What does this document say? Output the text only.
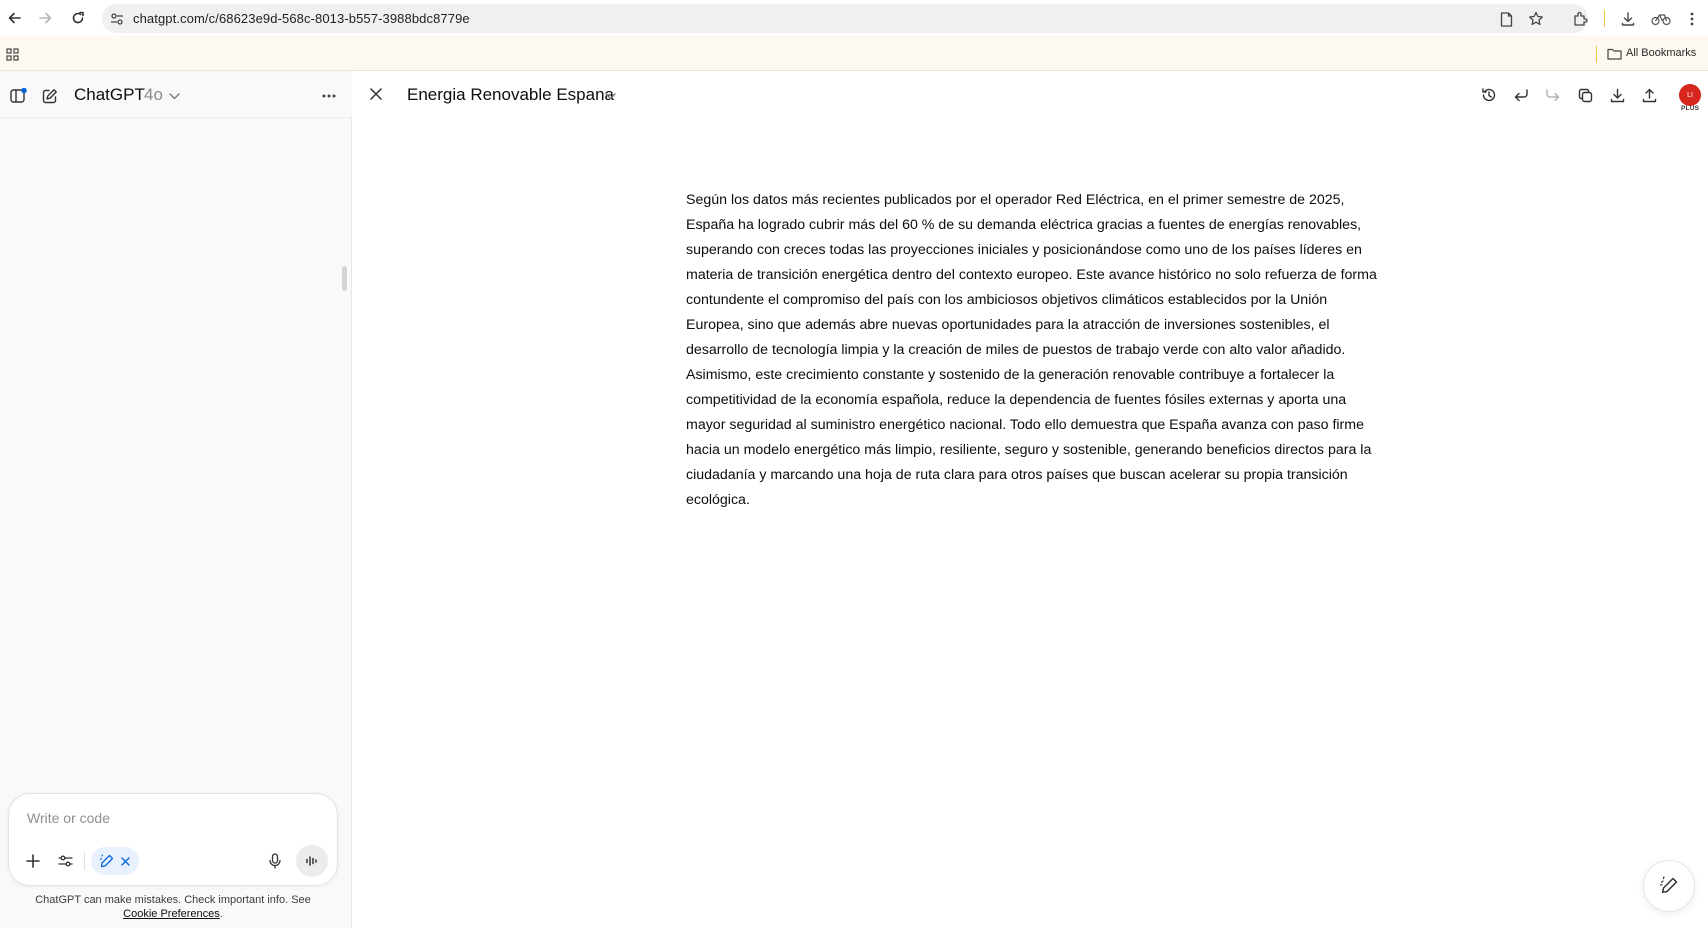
chatgpt.com/c/68623e9d-568c-8013-b557-3988bdc8779e
All Bookmarks
ChatGPT 4o
Write or code
ChatGPT can make mistakes. Check important info. See Cookie Preferences.
Energia Renovable Espana	LI
PLUS
Según los datos más recientes publicados por el operador Red Eléctrica, en el primer semestre de 2025, España ha logrado cubrir más del 60 % de su demanda eléctrica gracias a fuentes de energías renovables, superando con creces todas las proyecciones iniciales y posicionándose como uno de los países líderes en materia de transición energética dentro del contexto europeo. Este avance histórico no solo refuerza de forma contundente el compromiso del país con los ambiciosos objetivos climáticos establecidos por la Unión Europea, sino que además abre nuevas oportunidades para la atracción de inversiones sostenibles, el desarrollo de tecnología limpia y la creación de miles de puestos de trabajo verde con alto valor añadido. Asimismo, este crecimiento constante y sostenido de la generación renovable contribuye a fortalecer la competitividad de la economía española, reduce la dependencia de fuentes fósiles externas y aporta una mayor seguridad al suministro energético nacional. Todo ello demuestra que España avanza con paso firme hacia un modelo energético más limpio, resiliente, seguro y sostenible, generando beneficios directos para la ciudadanía y marcando una hoja de ruta clara para otros países que buscan acelerar su propia transición ecológica.
